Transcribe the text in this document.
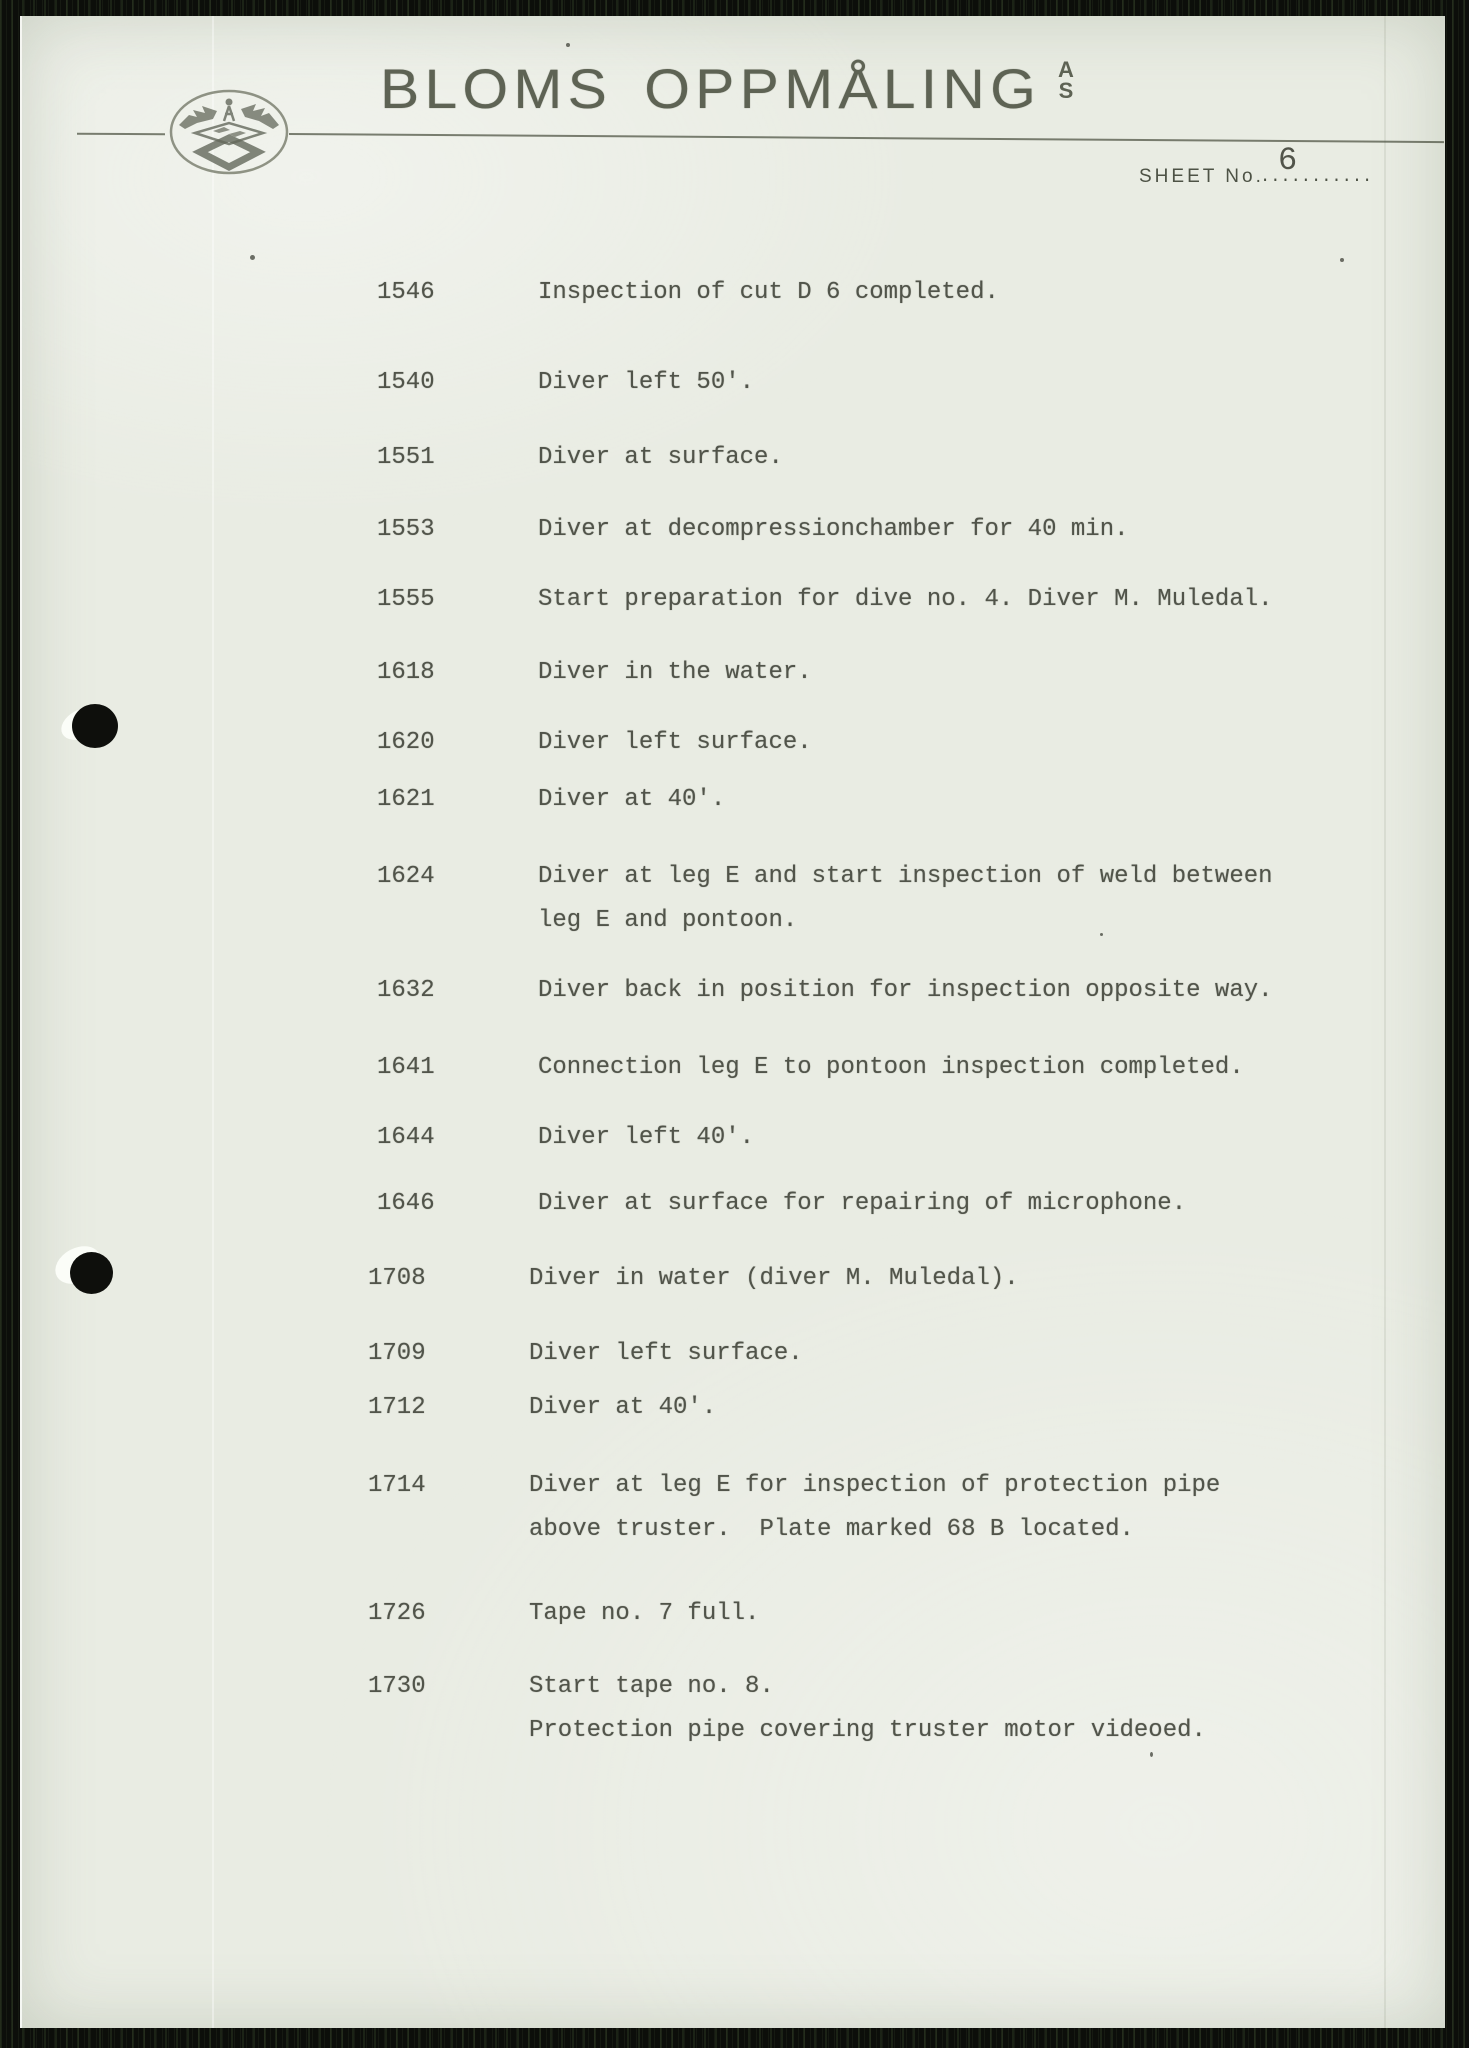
BLOMS OPPMÅLING A
S
SHEET No.
...........
6
1546	Inspection of cut D 6 completed.
1540	Diver left 50'.
1551	Diver at surface.
1553	Diver at decompressionchamber for 40 min.
1555	Start preparation for dive no. 4. Diver M. Muledal.
1618	Diver in the water.
1620	Diver left surface.
1621	Diver at 40'.
1624	Diver at leg E and start inspection of weld between
leg E and pontoon.
1632	Diver back in position for inspection opposite way.
1641	Connection leg E to pontoon inspection completed.
1644	Diver left 40'.
1646	Diver at surface for repairing of microphone.
1708	Diver in water (diver M. Muledal).
1709	Diver left surface.
1712	Diver at 40'.
1714	Diver at leg E for inspection of protection pipe
above truster.  Plate marked 68 B located.
1726	Tape no. 7 full.
1730	Start tape no. 8.
Protection pipe covering truster motor videoed.
